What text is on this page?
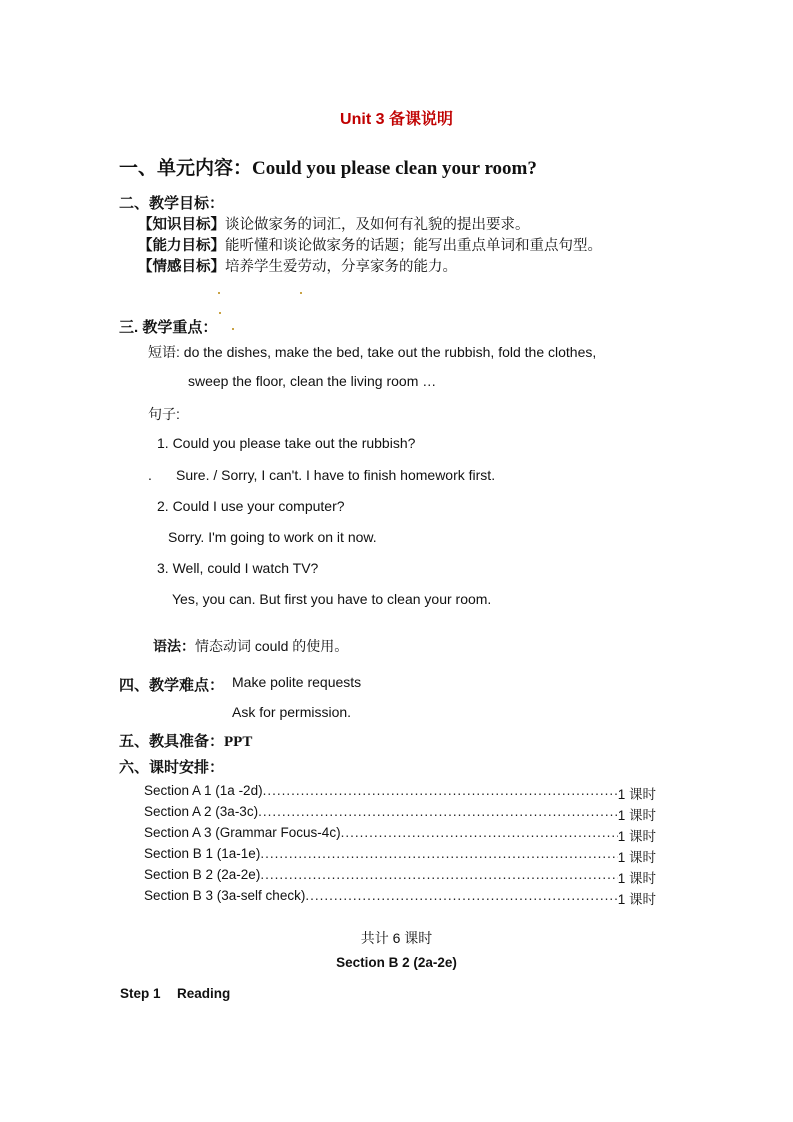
Unit 3 备课说明
一、单元内容：Could you please clean your room?
二、教学目标：
【知识目标】谈论做家务的词汇，及如何有礼貌的提出要求。
【能力目标】能听懂和谈论做家务的话题；能写出重点单词和重点句型。
【情感目标】培养学生爱劳动，分享家务的能力。
三. 教学重点：
短语: do the dishes, make the bed, take out the rubbish, fold the clothes,
sweep the floor, clean the living room …
句子:
1. Could you please take out the rubbish?
. Sure. / Sorry, I can't. I have to finish homework first.
2. Could I use your computer?
Sorry. I'm going to work on it now.
3. Well, could I watch TV?
Yes, you can. But first you have to clean your room.
语法：情态动词 could 的使用。
四、教学难点： Make polite requests
Ask for permission.
五、教具准备：PPT
六、课时安排：
Section A 1 (1a -2d) .....	1 课时
Section A 2 (3a-3c) .....	1 课时
Section A 3 (Grammar Focus-4c) .....	1 课时
Section B 1 (1a-1e) .....	1 课时
Section B 2 (2a-2e) .....	1 课时
Section B 3 (3a-self check) .....	1 课时
共计 6 课时
Section B 2 (2a-2e)
Step 1 Reading
